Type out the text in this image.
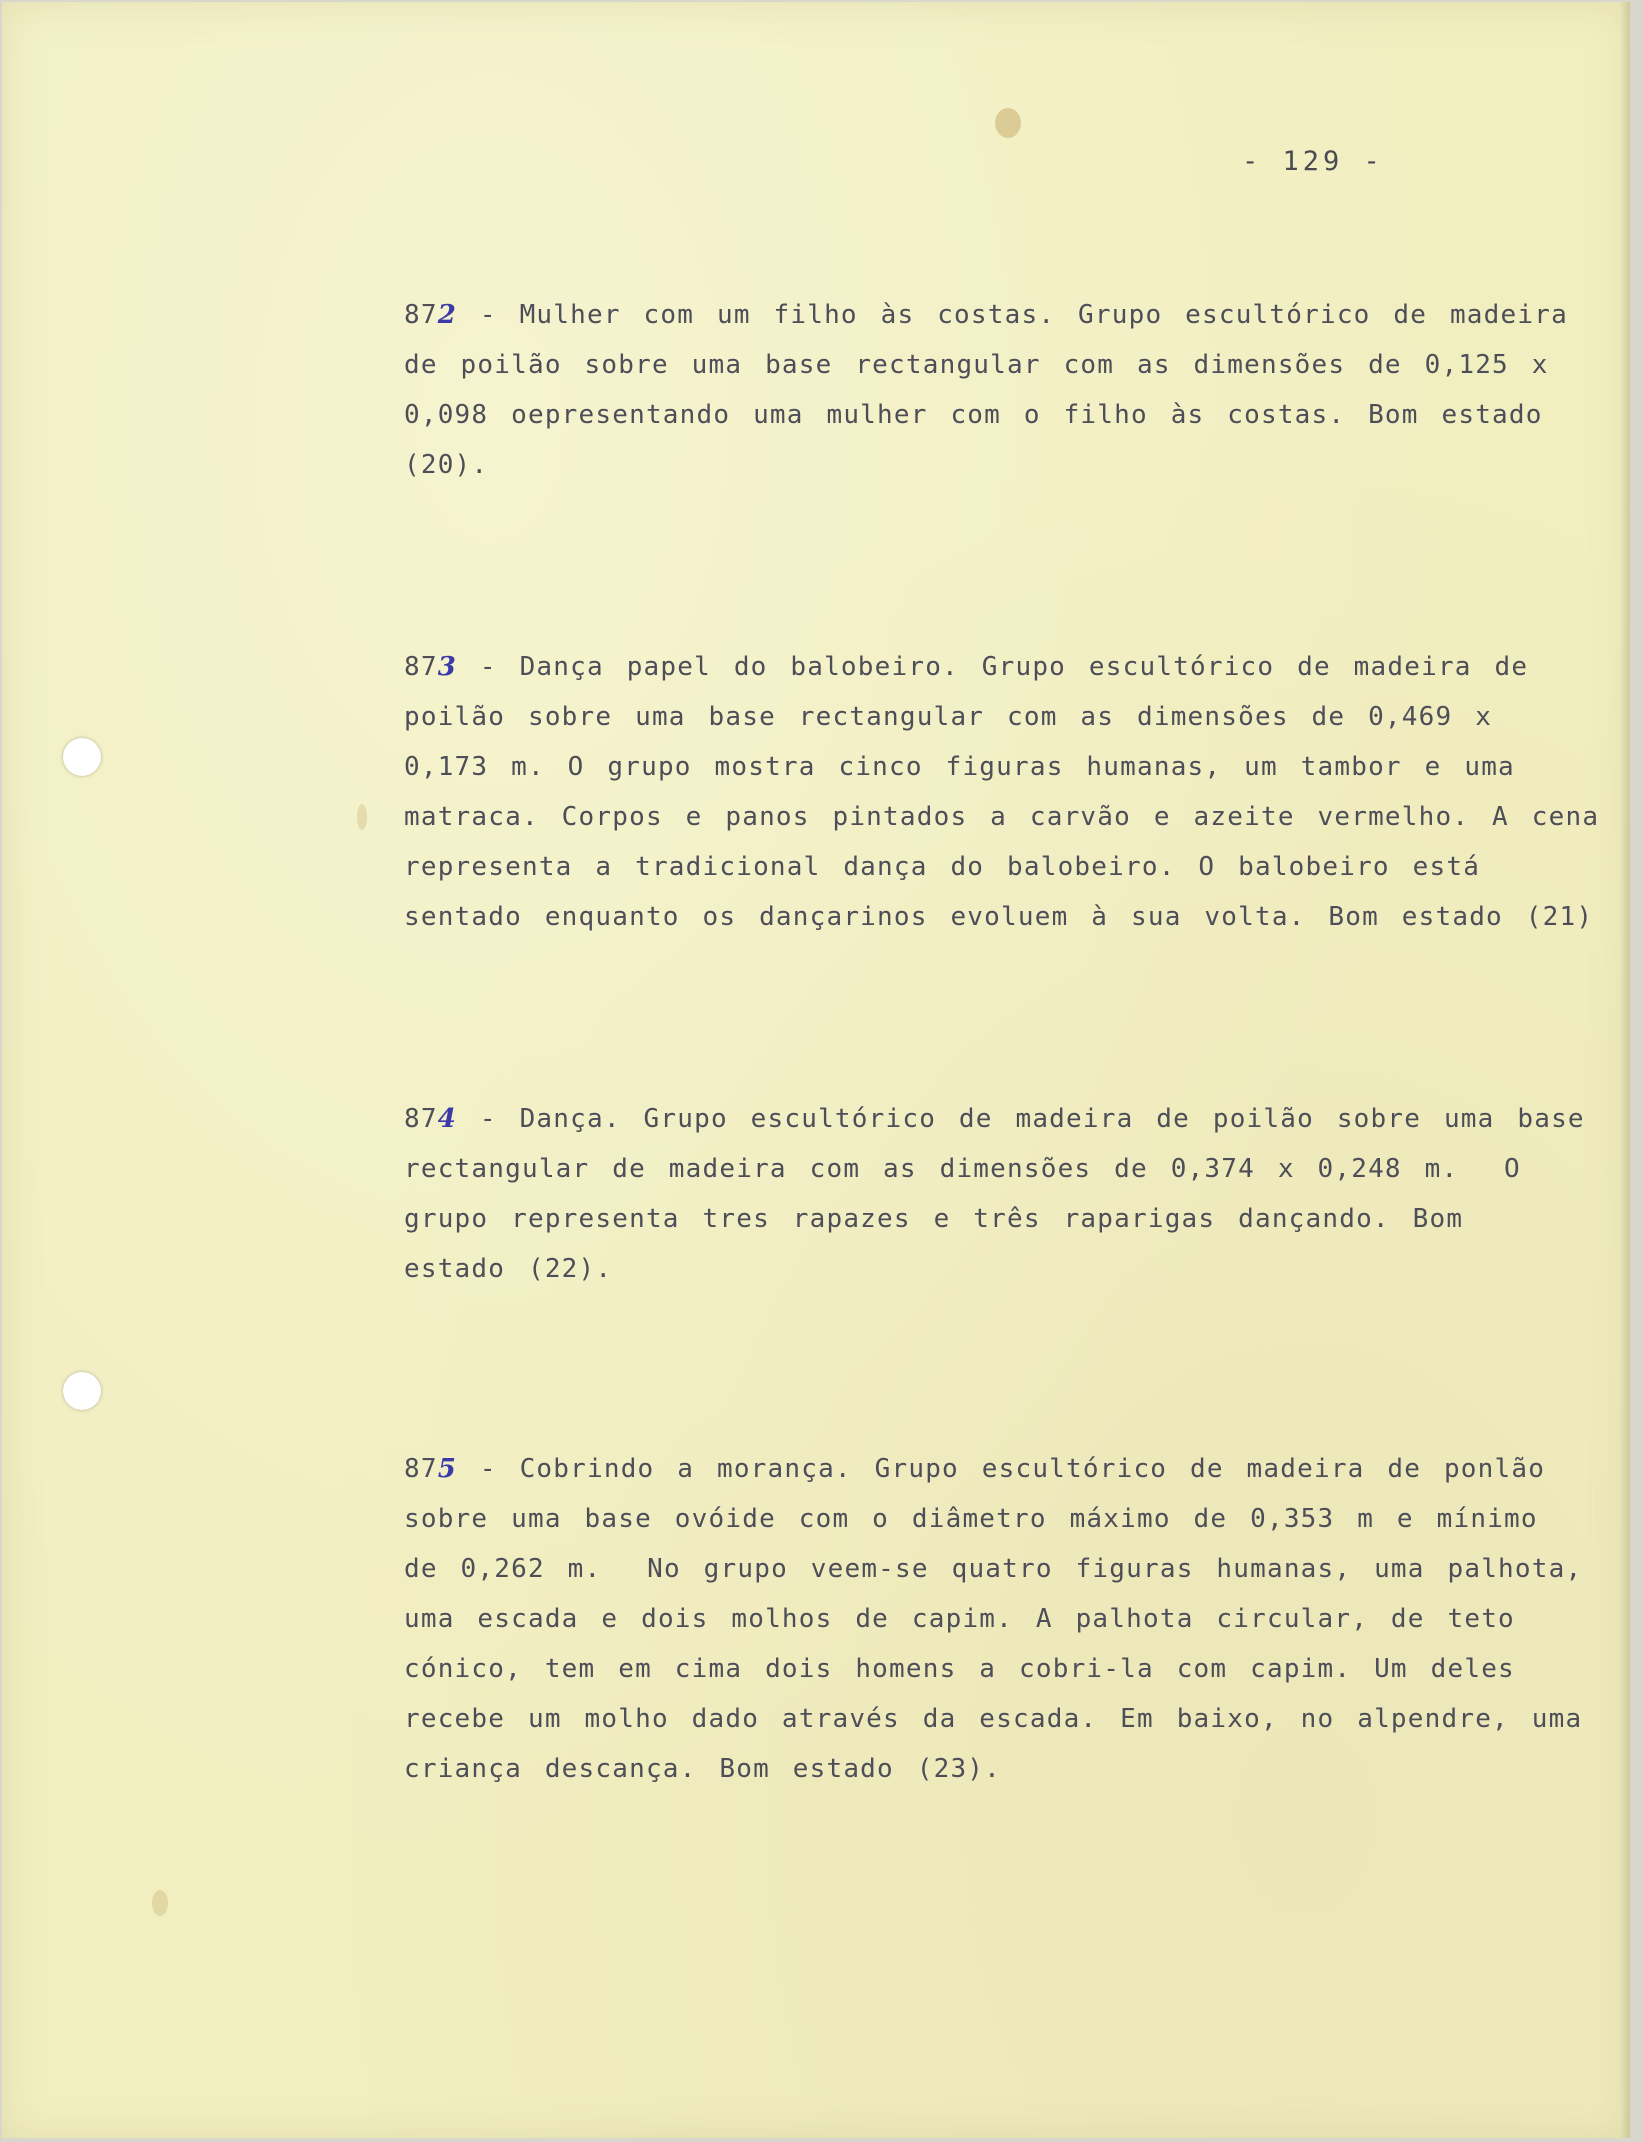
- 129 -
872 - Mulher com um filho às costas. Grupo escultórico de madeira
de poilão sobre uma base rectangular com as dimensões de 0,125 x
0,098 oepresentando uma mulher com o filho às costas. Bom estado
(20).
873 - Dança papel do balobeiro. Grupo escultórico de madeira de
poilão sobre uma base rectangular com as dimensões de 0,469 x
0,173 m. O grupo mostra cinco figuras humanas, um tambor e uma
matraca. Corpos e panos pintados a carvão e azeite vermelho. A cena
representa a tradicional dança do balobeiro. O balobeiro está
sentado enquanto os dançarinos evoluem à sua volta. Bom estado (21)
874 - Dança. Grupo escultórico de madeira de poilão sobre uma base
rectangular de madeira com as dimensões de 0,374 x 0,248 m.  O
grupo representa tres rapazes e três raparigas dançando. Bom
estado (22).
875 - Cobrindo a morança. Grupo escultórico de madeira de ponlão
sobre uma base ovóide com o diâmetro máximo de 0,353 m e mínimo
de 0,262 m.  No grupo veem-se quatro figuras humanas, uma palhota,
uma escada e dois molhos de capim. A palhota circular, de teto
cónico, tem em cima dois homens a cobri-la com capim. Um deles
recebe um molho dado através da escada. Em baixo, no alpendre, uma
criança descança. Bom estado (23).
